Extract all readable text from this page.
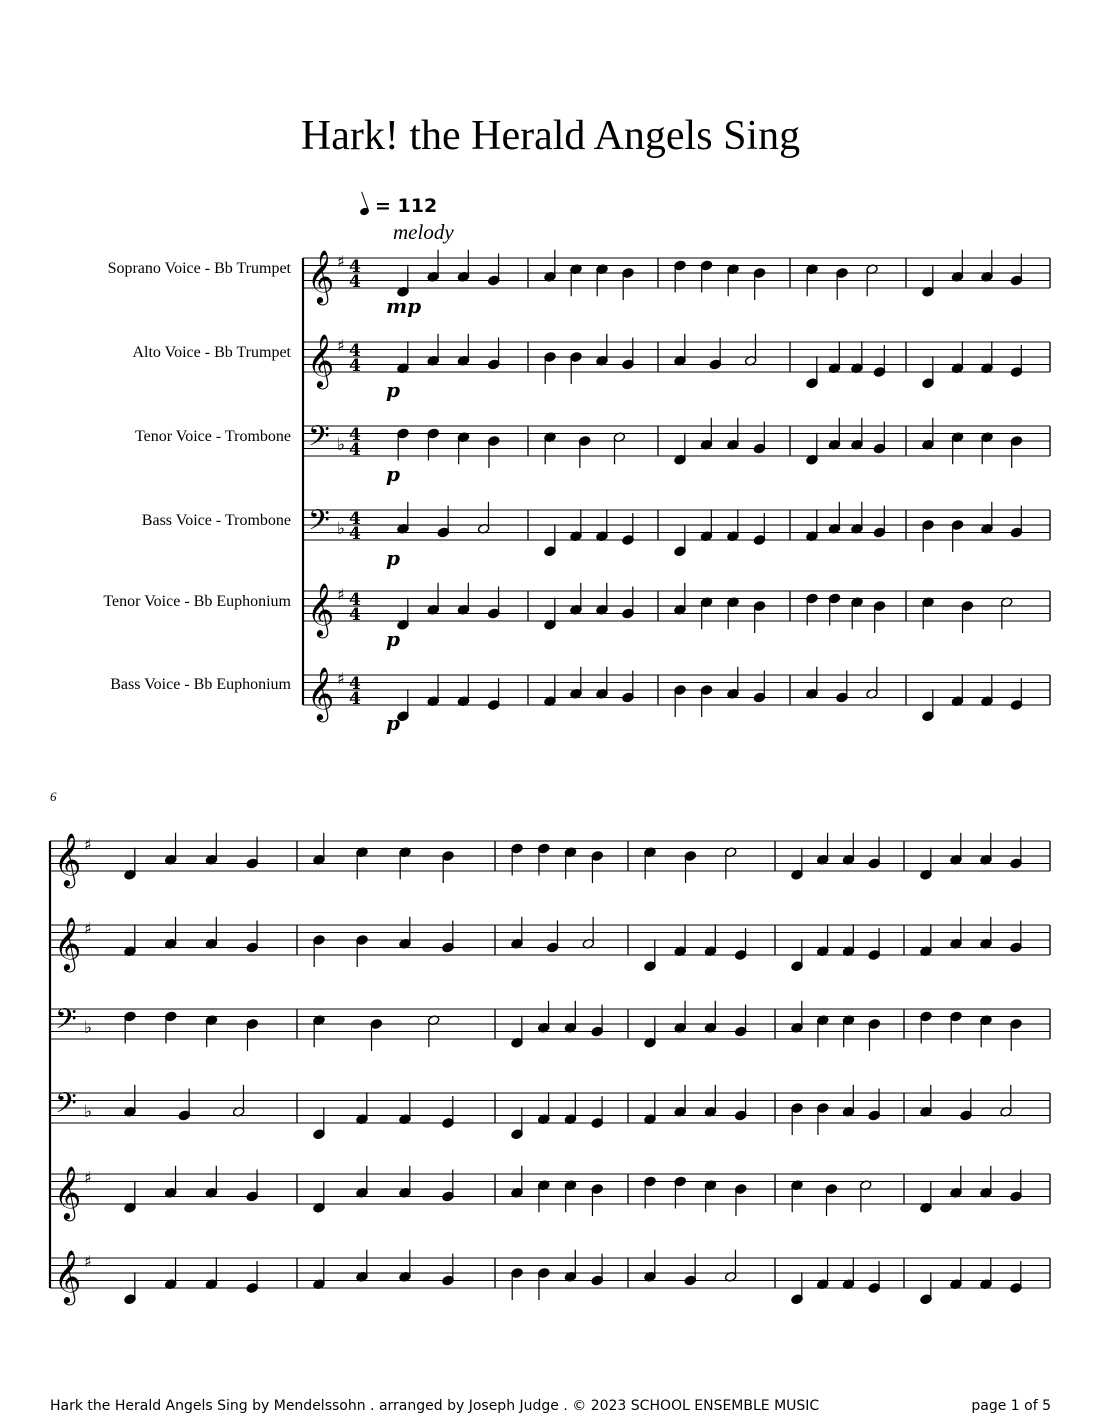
Hark! the Herald Angels Sing
= 112
melody
Soprano Voice - Bb Trumpet
Alto Voice - Bb Trumpet
Tenor Voice - Trombone
Bass Voice - Trombone
Tenor Voice - Bb Euphonium
Bass Voice - Bb Euphonium
6
𝄞 ♯ 4
4
𝄞 ♯ 4
4
𝄢 ♭ 4
4
𝄢 ♭ 4
4
𝄞 ♯ 4
4
𝄞 ♯ 4
4
𝄞 ♯
𝄞 ♯
𝄢 ♭
𝄢 ♭
𝄞 ♯
𝄞 ♯
mp
p
p
p
p
p
Hark the Herald Angels Sing by Mendelssohn . arranged by Joseph Judge . © 2023 SCHOOL ENSEMBLE MUSIC	page 1 of 5
